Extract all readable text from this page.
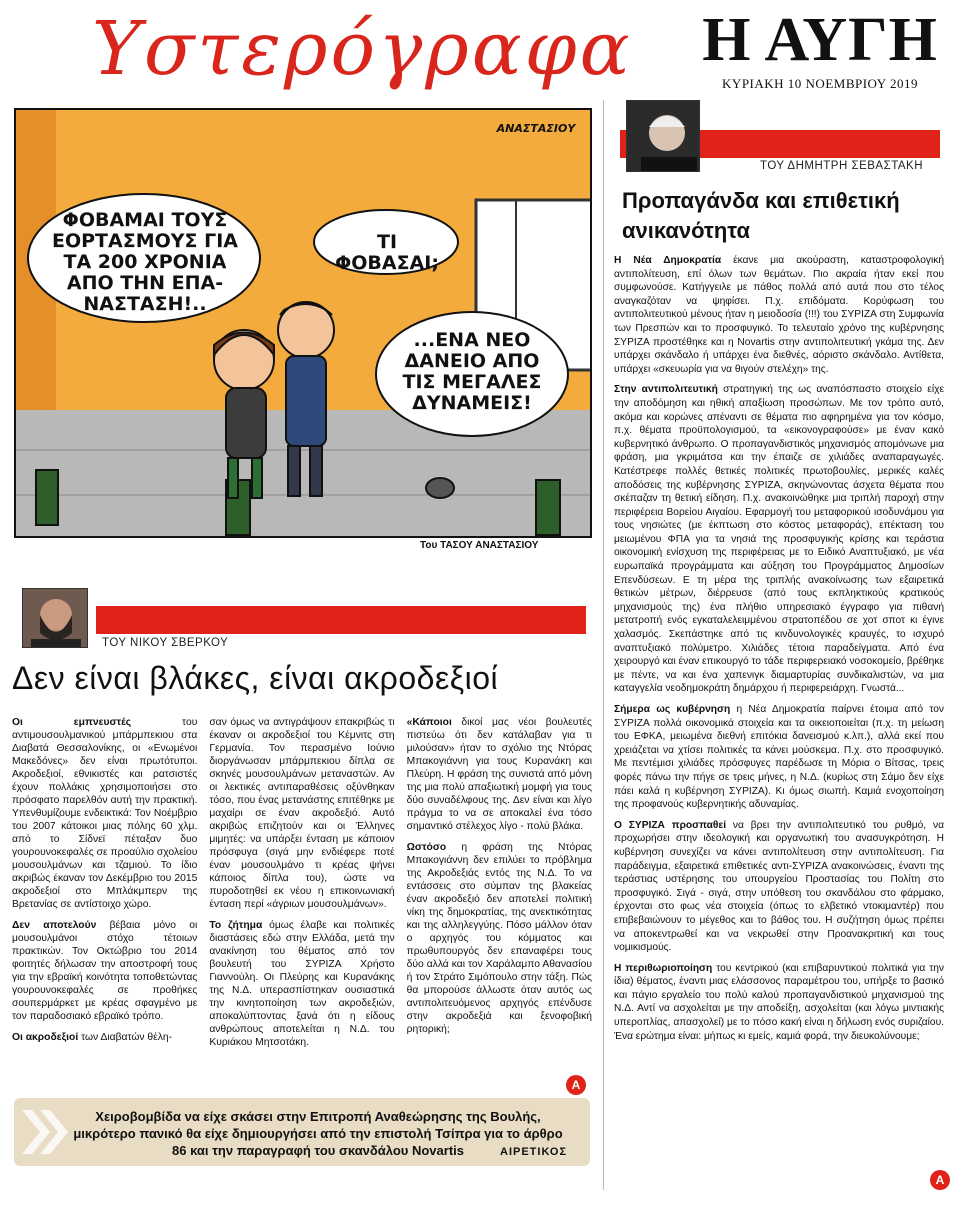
Υστερόγραφα Η ΑΥΓΗ
ΚΥΡΙΑΚΗ 10 ΝΟΕΜΒΡΙΟΥ 2019
ΦΟΒΑΜΑΙ ΤΟΥΣ ΕΟΡΤΑΣΜΟΥΣ ΓΙΑ ΤΑ 200 ΧΡΟΝΙΑ ΑΠΟ ΤΗΝ ΕΠΑ-ΝΑΣΤΑΣΗ!..
ΤΙ ΦΟΒΑΣΑΙ;
...ΕΝΑ ΝΕΟ ΔΑΝΕΙΟ ΑΠΟ ΤΙΣ ΜΕΓΑΛΕΣ ΔΥΝΑΜΕΙΣ!
ΑΝΑΣΤΑΣΙΟΥ
Του ΤΑΣΟΥ ΑΝΑΣΤΑΣΙΟΥ
ΤΟΥ ΝΙΚΟΥ ΣΒΕΡΚΟΥ
Δεν είναι βλάκες, είναι ακροδεξιοί

Οι εμπνευστές του αντιμουσουλμανικού μπάρμπεκιου στα Διαβατά Θεσσαλονίκης, οι «Ενωμένοι Μακεδόνες» δεν είναι πρωτότυποι. Ακροδεξιοί, εθνικιστές και ρατσιστές έχουν πολλάκις χρησιμοποιήσει στο πρόσφατο παρελθόν αυτή την πρακτική. Υπενθυμίζουμε ενδεικτικά: Τον Νοέμβριο του 2007 κάτοικοι μιας πόλης 60 χλμ. από το Σίδνεϊ πέταξαν δυο γουρουνοκεφαλές σε προαύλιο σχολείου μουσουλμάνων και τζαμιού. Το ίδιο ακριβώς έκαναν τον Δεκέμβριο του 2015 ακροδεξιοί στο Μπλάκμπερν της Βρετανίας σε αντίστοιχο χώρο.

Δεν αποτελούν βέβαια μόνο οι μουσουλμάνοι στόχο τέτοιων πρακτικών. Τον Οκτώβριο του 2014 φοιτητές δήλωσαν την αποστροφή τους για την εβραϊκή κοινότητα τοποθετώντας γουρουνοκεφαλές σε προθήκες σουπερμάρκετ με κρέας σφαγμένο με τον παραδοσιακό εβραϊκό τρόπο.

Οι ακροδεξιοί των Διαβατών θέλη-

σαν όμως να αντιγράψουν επακριβώς τι έκαναν οι ακροδεξιοί του Κέμνιτς στη Γερμανία. Τον περασμένο Ιούνιο διοργάνωσαν μπάρμπεκιου δίπλα σε σκηνές μουσουλμάνων μεταναστών. Αν οι λεκτικές αντιπαραθέσεις οξύνθηκαν τόσο, που ένας μετανάστης επιτέθηκε με μαχαίρι σε έναν ακροδεξιό. Αυτό ακριβώς επιζητούν και οι Έλληνες μιμητές: να υπάρξει ένταση με κάποιον πρόσφυγα (σιγά μην ενδιέφερε ποτέ έναν μουσουλμάνο τι κρέας ψήνει κάποιος δίπλα του), ώστε να πυροδοτηθεί εκ νέου η επικοινωνιακή ένταση περί «άγριων μουσουλμάνων».

Το ζήτημα όμως έλαβε και πολιτικές διαστάσεις εδώ στην Ελλάδα, μετά την ανακίνηση του θέματος από τον βουλευτή του ΣΥΡΙΖΑ Χρήστο Γιαννούλη. Οι Πλεύρης και Κυρανάκης της Ν.Δ. υπερασπίστηκαν ουσιαστικά την κινητοποίηση των ακροδεξιών, αποκαλύπτοντας ξανά ότι η είδους ανθρώπους αποτελείται η Ν.Δ. του Κυριάκου Μητσοτάκη.

«Κάποιοι δικοί μας νέοι βουλευτές πιστεύω ότι δεν κατάλαβαν για τι μιλούσαν» ήταν το σχόλιο της Ντόρας Μπακογιάννη για τους Κυρανάκη και Πλεύρη. Η φράση της συνιστά από μόνη της μια πολύ απαξιωτική μομφή για τους δύο συναδέλφους της. Δεν είναι και λίγο πράγμα το να σε αποκαλεί ένα τόσο σημαντικό στέλεχος λίγο - πολύ βλάκα.

Ωστόσο η φράση της Ντόρας Μπακογιάννη δεν επιλύει το πρόβλημα της Ακροδεξιάς εντός της Ν.Δ. Το να εντάσσεις στο σύμπαν της βλακείας έναν ακροδεξιό δεν αποτελεί πολιτική νίκη της δημοκρατίας, της ανεκτικότητας και της αλληλεγγύης. Πόσο μάλλον όταν ο αρχηγός του κόμματος και πρωθυπουργός δεν επαναφέρει τους δύο αλλά και τον Χαράλαμπο Αθανασίου ή τον Στράτο Σιμόπουλο στην τάξη. Πώς θα μπορούσε άλλωστε όταν αυτός ως αντιπολιτευόμενος αρχηγός επένδυσε στην ακροδεξιά και ξενοφοβική ρητορική;

Α
Χειροβομβίδα να είχε σκάσει στην Επιτροπή Αναθεώρησης της Βουλής, μικρότερο πανικό θα είχε δημιουργήσει από την επιστολή Τσίπρα για το άρθρο 86 και την παραγραφή του σκανδάλου Novartis	ΑΙΡΕΤΙΚΟΣ
ΤΟΥ ΔΗΜΗΤΡΗ ΣΕΒΑΣΤΑΚΗ
Προπαγάνδα και επιθετική ανικανότητα

Η Νέα Δημοκρατία έκανε μια ακούραστη, καταστροφολογική αντιπολίτευση, επί όλων των θεμάτων. Πιο ακραία ήταν εκεί που συμφωνούσε. Κατήγγειλε με πάθος πολλά από αυτά που στο τέλος αναγκαζόταν να ψηφίσει. Π.χ. επιδόματα. Κορύφωση του αντιπολιτευτικού μένους ήταν η μειοδοσία (!!!) του ΣΥΡΙΖΑ στη Συμφωνία των Πρεσπών και το προσφυγικό. Το τελευταίο χρόνο της κυβέρνησης ΣΥΡΙΖΑ προστέθηκε και η Novartis στην αντιπολιτευτική γκάμα της. Δεν υπάρχει σκάνδαλο ή υπάρχει ένα διεθνές, αόριστο σκάνδαλο. Αντίθετα, υπάρχει «σκευωρία για να θιγούν στελέχη» της.

Στην αντιπολιτευτική στρατηγική της ως αναπόσπαστο στοιχείο είχε την αποδόμηση και ηθική απαξίωση προσώπων. Με τον τρόπο αυτό, ακόμα και κορώνες απέναντι σε θέματα πιο αφηρημένα για τον κόσμο, π.χ. θέματα προϋπολογισμού, τα «εικονογραφούσε» με έναν κακό κυβερνητικό άνθρωπο. Ο προπαγανδιστικός μηχανισμός απομόνωνε μια φράση, μια γκριμάτσα και την έπαιζε σε χιλιάδες αναπαραγωγές. Κατέστρεφε πολλές θετικές πολιτικές πρωτοβουλίες, μερικές καλές αποδόσεις της κυβέρνησης ΣΥΡΙΖΑ, σκηνώνοντας άσχετα θέματα που σκέπαζαν τη θετική είδηση. Π.χ. ανακοινώθηκε μια τριπλή παροχή στην περιφέρεια Βορείου Αιγαίου. Εφαρμογή του μεταφορικού ισοδυνάμου για τους νησιώτες (με έκπτωση στο κόστος μεταφοράς), επέκταση του μειωμένου ΦΠΑ για τα νησιά της προσφυγικής κρίσης και τεράστια οικονομική ενίσχυση της περιφέρειας με το Ειδικό Αναπτυξιακό, με νέα ευρωπαϊκά προγράμματα και αύξηση του Προγράμματος Δημοσίων Επενδύσεων. Ε τη μέρα της τριπλής ανακοίνωσης των εξαιρετικά θετικών μέτρων, διέρρευσε (από τους εκπληκτικούς κρατικούς μηχανισμούς της) ένα πλήθιο υπηρεσιακό έγγραφο για πιθανή μετατροπή ενός εγκαταλελειμμένου στρατοπέδου σε χοτ σποτ κι έγινε χαλασμός. Σκεπάστηκε από τις κινδυνολογικές κραυγές, το ισχυρό αναπτυξιακό πολύμετρο. Χιλιάδες τέτοια παραδείγματα. Από ένα χειρουργό και έναν επικουργό το τάδε περιφερειακό νοσοκομείο, βρέθηκε με πέντε, να και ένα χαπενιγκ διαμαρτυρίας συνδικαλιστών, να μια καταγγελία νεοδημοκράτη δημάρχου ή περιφερειάρχη. Γνωστά...

Σήμερα ως κυβέρνηση η Νέα Δημοκρατία παίρνει έτοιμα από τον ΣΥΡΙΖΑ πολλά οικονομικά στοιχεία και τα οικειοποιείται (π.χ. τη μείωση του ΕΦΚΑ, μειωμένα διεθνή επιτόκια δανεισμού κ.λπ.), αλλά εκεί που χρειάζεται να χτίσει πολιτικές τα κάνει μούσκεμα. Π.χ. στο προσφυγικό. Με πεντέμισι χιλιάδες πρόσφυγες παρέδωσε τη Μόρια ο Βίτσας, τρεις φορές πάνω την πήγε σε τρεις μήνες, η Ν.Δ. (κυρίως στη Σάμο δεν είχε πάει καλά η κυβέρνηση ΣΥΡΙΖΑ). Κι όμως σιωπή. Καμιά ενοχοποίηση της προφανούς κυβερνητικής αδυναμίας.

Ο ΣΥΡΙΖΑ προσπαθεί να βρει την αντιπολιτευτικό του ρυθμό, να προχωρήσει στην ιδεολογική και οργανωτική του ανασυγκρότηση. Η κυβέρνηση συνεχίζει να κάνει αντιπολίτευση στην αντιπολίτευση. Για παράδειγμα, εξαιρετικά επιθετικές αντι-ΣΥΡΙΖΑ ανακοινώσεις, έναντι της τεράστιας υστέρησης του υπουργείου Προστασίας του Πολίτη στο προσφυγικό. Σιγά - σιγά, στην υπόθεση του σκανδάλου στο φάρμακο, έρχονται στο φως νέα στοιχεία (όπως το ελβετικό ντοκιμαντέρ) που επιβεβαιώνουν το μέγεθος και το βάθος του. Η συζήτηση όμως πρέπει να αποκεντρωθεί και να νεκρωθεί στην Προανακριτική και τους νομικισμούς.

Η περιθωριοποίηση του κεντρικού (και επιβαρυντικού πολιτικά για την ίδια) θέματος, έναντι μιας ελάσσονος παραμέτρου του, υπήρξε το βασικό και πάγιο εργαλείο του πολύ καλού προπαγανδιστικού μηχανισμού της Ν.Δ. Αντί να ασχολείται με την αποδείξη, ασχολείται (και λόγω μιντιακής υπεροπλίας, απασχολεί) με το πόσο κακή είναι η δήλωση ενός συριζαίου. Ένα ερώτημα είναι: μήπως κι εμείς, καμιά φορά, την διευκολύνουμε;

Α
